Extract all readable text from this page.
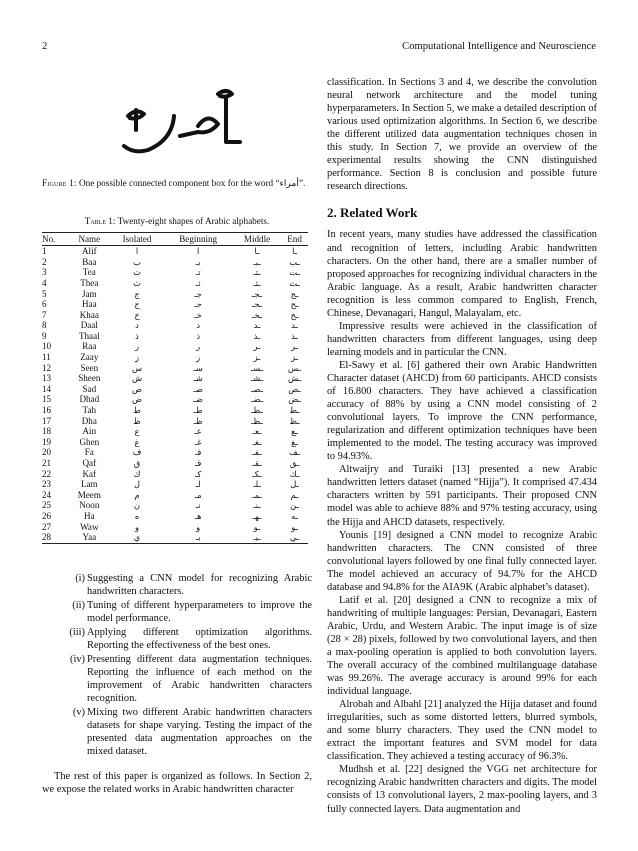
2	Computational Intelligence and Neuroscience
Figure 1: One possible connected component box for the word “أمراء”.
Table 1: Twenty-eight shapes of Arabic alphabets.
No.	Name	Isolated	Beginning	Middle	End
1	Alif	ا	ا	ـا	ـا
2	Baa	ب	بـ	ـبـ	ـب
3	Tea	ت	تـ	ـتـ	ـت
4	Thea	ث	ثـ	ـثـ	ـث
5	Jam	ج	جـ	ـجـ	ـج
6	Haa	ح	حـ	ـحـ	ـح
7	Khaa	خ	خـ	ـخـ	ـخ
8	Daal	د	د	ـد	ـد
9	Thaal	ذ	ذ	ـذ	ـذ
10	Raa	ر	ر	ـر	ـر
11	Zaay	ز	ز	ـز	ـز
12	Seen	س	سـ	ـسـ	ـس
13	Sheen	ش	شـ	ـشـ	ـش
14	Sad	ص	صـ	ـصـ	ـص
15	Dhad	ض	ضـ	ـضـ	ـض
16	Tah	ط	طـ	ـطـ	ـط
17	Dha	ظ	ظـ	ـظـ	ـظ
18	Ain	ع	عـ	ـعـ	ـع
19	Ghen	غ	غـ	ـغـ	ـغ
20	Fa	ف	فـ	ـفـ	ـف
21	Qaf	ق	قـ	ـقـ	ـق
22	Kaf	ك	كـ	ـكـ	ـك
23	Lam	ل	لـ	ـلـ	ـل
24	Meem	م	مـ	ـمـ	ـم
25	Noon	ن	نـ	ـنـ	ـن
26	Ha	ه	هـ	ـهـ	ـه
27	Waw	و	و	ـو	ـو
28	Yaa	ي	يـ	ـيـ	ـي
(i) Suggesting a CNN model for recognizing Arabic handwritten characters.
(ii) Tuning of different hyperparameters to improve the model performance.
(iii) Applying different optimization algorithms. Reporting the effectiveness of the best ones.
(iv) Presenting different data augmentation techniques. Reporting the influence of each method on the improvement of Arabic handwritten characters recognition.
(v) Mixing two different Arabic handwritten characters datasets for shape varying. Testing the impact of the presented data augmentation approaches on the mixed dataset.

The rest of this paper is organized as follows. In Section 2, we expose the related works in Arabic handwritten character

classification. In Sections 3 and 4, we describe the convolution neural network architecture and the model tuning hyperparameters. In Section 5, we make a detailed description of various used optimization algorithms. In Section 6, we describe the different utilized data augmentation techniques chosen in this study. In Section 7, we provide an overview of the experimental results showing the CNN distinguished performance. Section 8 is conclusion and possible future research directions.

2. Related Work

In recent years, many studies have addressed the classification and recognition of letters, including Arabic handwritten characters. On the other hand, there are a smaller number of proposed approaches for recognizing individual characters in the Arabic language. As a result, Arabic handwritten character recognition is less common compared to English, French, Chinese, Devanagari, Hangul, Malayalam, etc.

Impressive results were achieved in the classification of handwritten characters from different languages, using deep learning models and in particular the CNN.

El-Sawy et al. [6] gathered their own Arabic Handwritten Character dataset (AHCD) from 60 participants. AHCD consists of 16.800 characters. They have achieved a classification accuracy of 88% by using a CNN model consisting of 2 convolutional layers. To improve the CNN performance, regularization and different optimization techniques have been implemented to the model. The testing accuracy was improved to 94.93%.

Altwaijry and Turaiki [13] presented a new Arabic handwritten letters dataset (named “Hijja”). It comprised 47.434 characters written by 591 participants. Their proposed CNN model was able to achieve 88% and 97% testing accuracy, using the Hijja and AHCD datasets, respectively.

Younis [19] designed a CNN model to recognize Arabic handwritten characters. The CNN consisted of three convolutional layers followed by one final fully connected layer. The model achieved an accuracy of 94.7% for the AHCD database and 94.8% for the AIA9K (Arabic alphabet’s dataset).

Latif et al. [20] designed a CNN to recognize a mix of handwriting of multiple languages: Persian, Devanagari, Eastern Arabic, Urdu, and Western Arabic. The input image is of size (28 × 28) pixels, followed by two convolutional layers, and then a max-pooling operation is applied to both convolution layers. The overall accuracy of the combined multilanguage database was 99.26%. The average accuracy is around 99% for each individual language.

Alrobah and Albahl [21] analyzed the Hijja dataset and found irregularities, such as some distorted letters, blurred symbols, and some blurry characters. They used the CNN model to extract the important features and SVM model for data classification. They achieved a testing accuracy of 96.3%.

Mudhsh et al. [22] designed the VGG net architecture for recognizing Arabic handwritten characters and digits. The model consists of 13 convolutional layers, 2 max-pooling layers, and 3 fully connected layers. Data augmentation and
